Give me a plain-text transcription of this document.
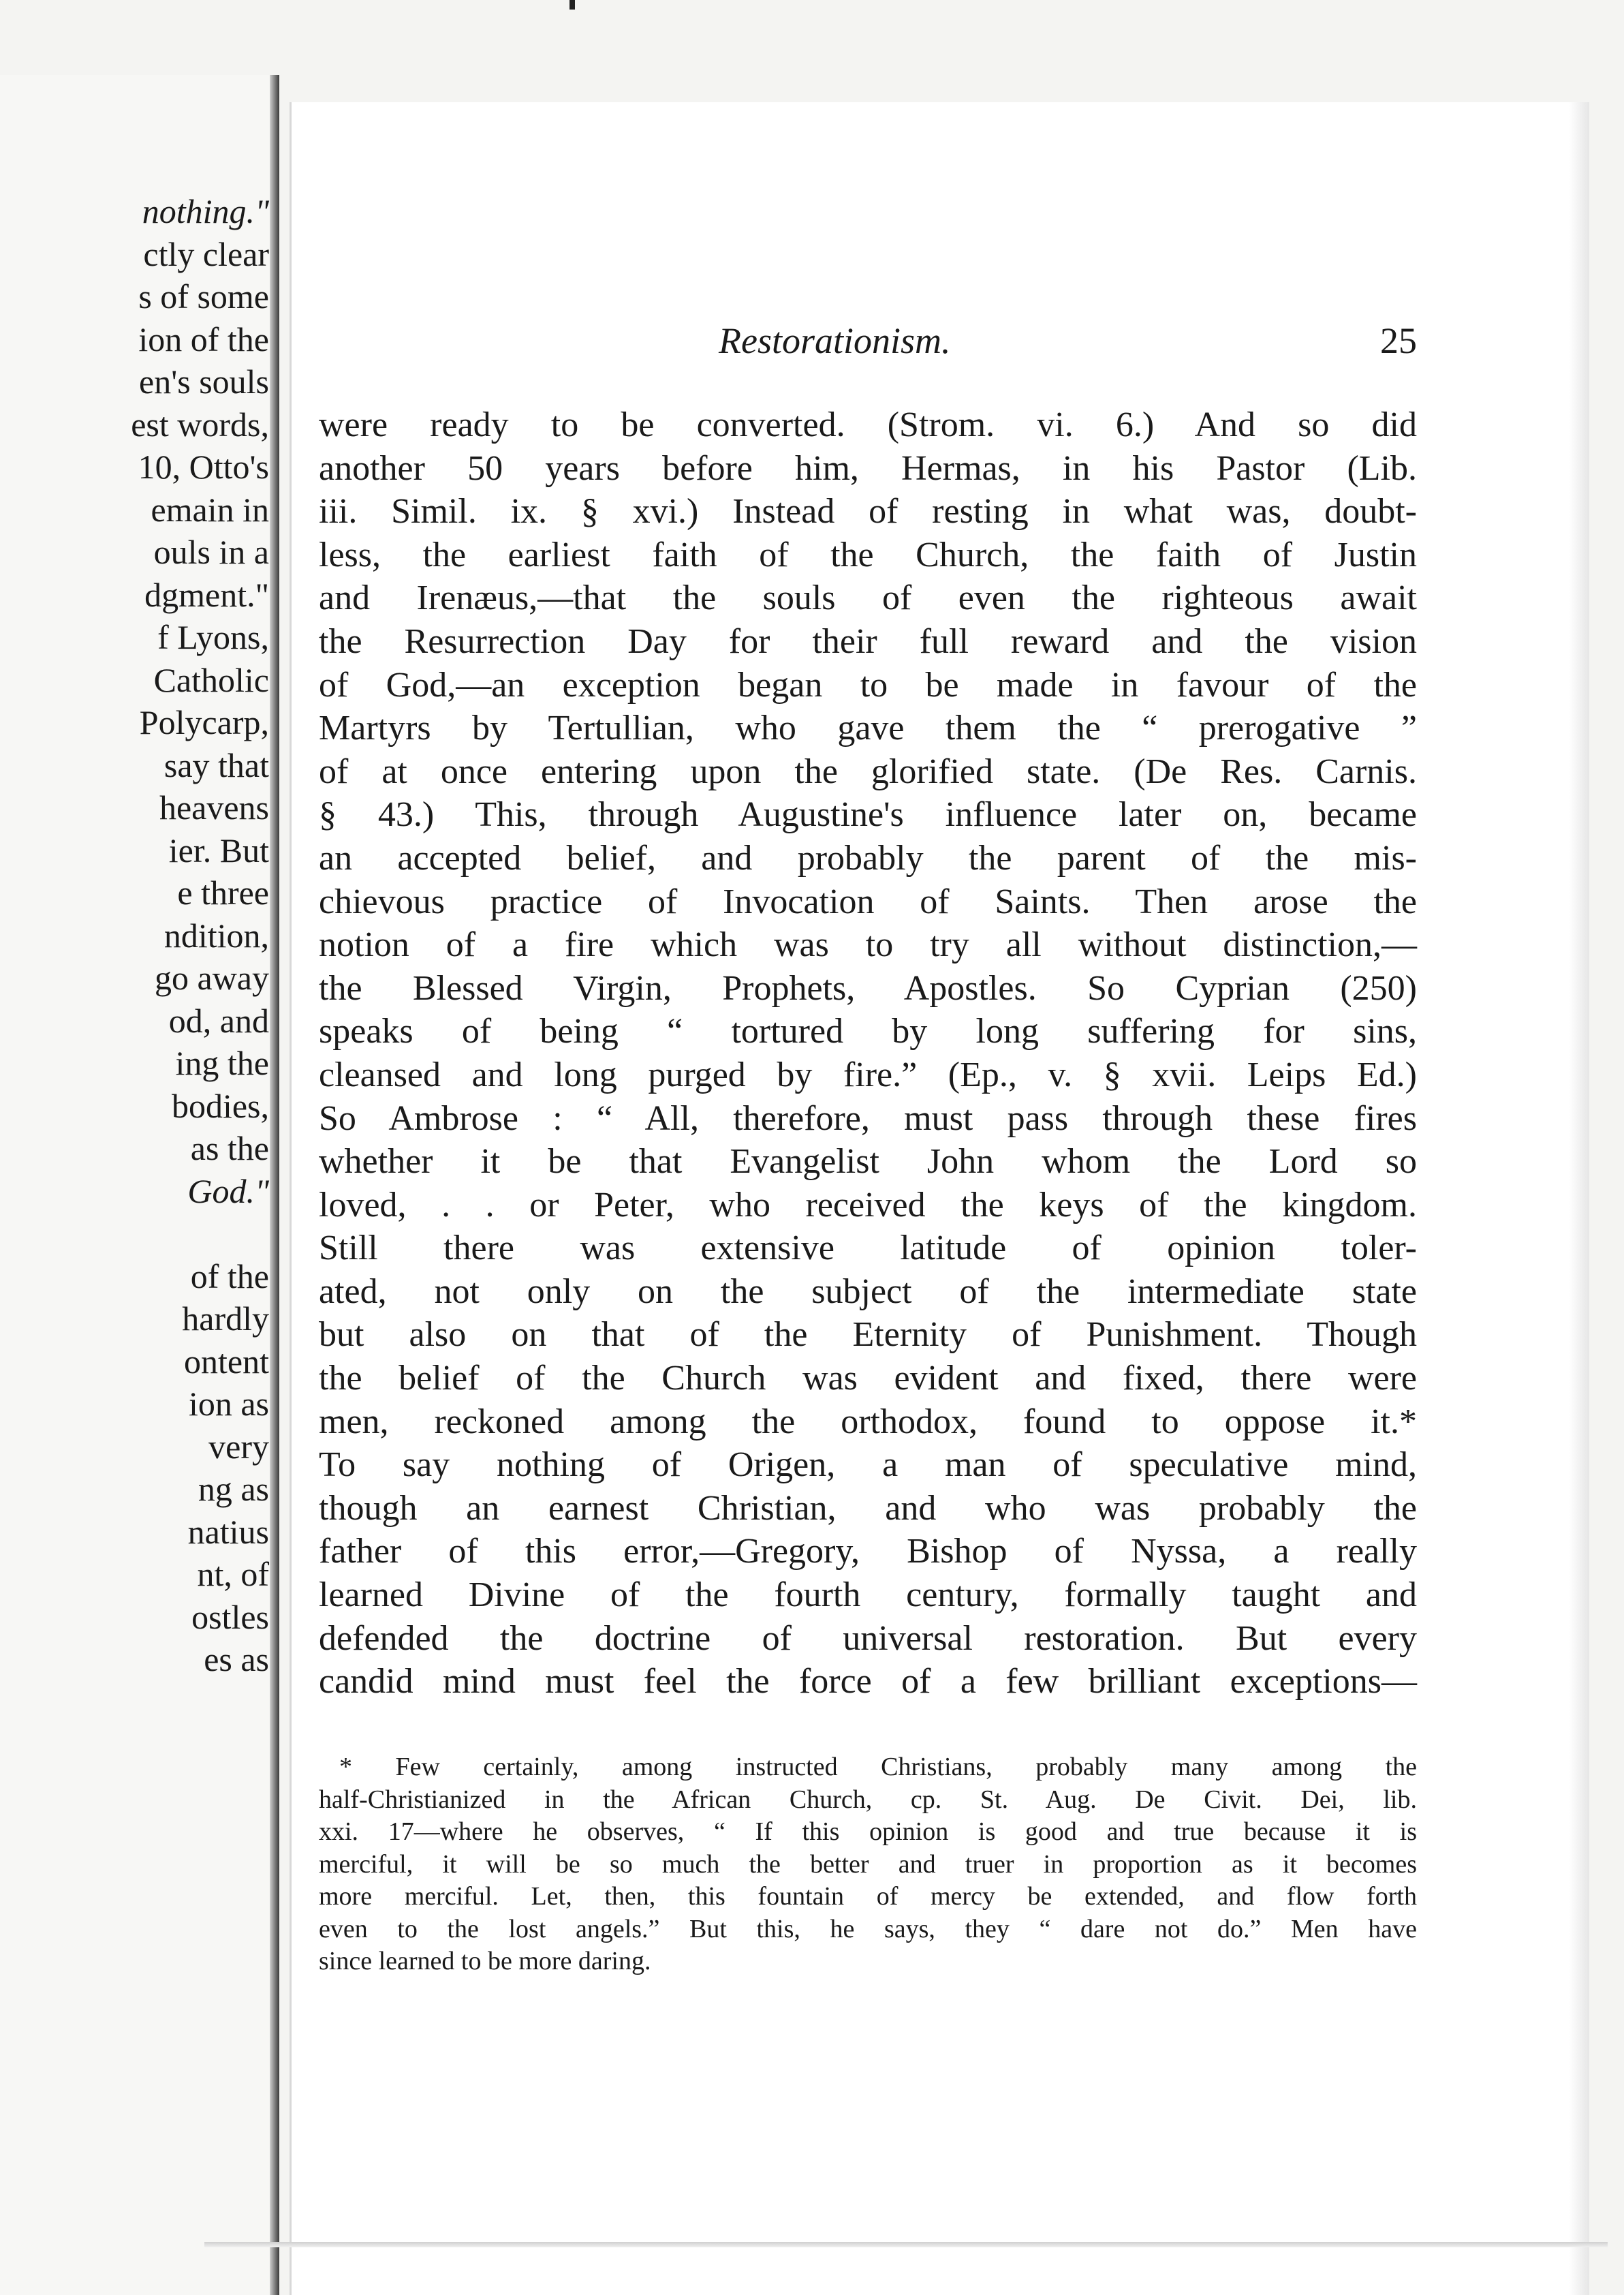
nothing."
ctly clear
s of some
ion of the
en's souls
est words,
10, Otto's
emain in
ouls in a
dgment."
f Lyons,
Catholic
Polycarp,
say that
heavens
ier. But
e three
ndition,
go away
od, and
ing the
bodies,
as the
God."
of the
hardly
ontent
ion as
very
ng as
natius
nt, of
ostles
es as
Restorationism.	25
were ready to be converted. (Strom. vi. 6.) And so did
another 50 years before him, Hermas, in his Pastor (Lib.
iii. Simil. ix. § xvi.) Instead of resting in what was, doubt-
less, the earliest faith of the Church, the faith of Justin
and Irenæus,—that the souls of even the righteous await
the Resurrection Day for their full reward and the vision
of God,—an exception began to be made in favour of the
Martyrs by Tertullian, who gave them the “ prerogative ”
of at once entering upon the glorified state. (De Res. Carnis.
§ 43.) This, through Augustine's influence later on, became
an accepted belief, and probably the parent of the mis-
chievous practice of Invocation of Saints. Then arose the
notion of a fire which was to try all without distinction,—
the Blessed Virgin, Prophets, Apostles. So Cyprian (250)
speaks of being “ tortured by long suffering for sins,
cleansed and long purged by fire.” (Ep., v. § xvii. Leips Ed.)
So Ambrose : “ All, therefore, must pass through these fires
whether it be that Evangelist John whom the Lord so
loved, . . or Peter, who received the keys of the kingdom.
Still there was extensive latitude of opinion toler-
ated, not only on the subject of the intermediate state
but also on that of the Eternity of Punishment. Though
the belief of the Church was evident and fixed, there were
men, reckoned among the orthodox, found to oppose it.*
To say nothing of Origen, a man of speculative mind,
though an earnest Christian, and who was probably the
father of this error,—Gregory, Bishop of Nyssa, a really
learned Divine of the fourth century, formally taught and
defended the doctrine of universal restoration. But every
candid mind must feel the force of a few brilliant exceptions—
* Few certainly, among instructed Christians, probably many among the
half-Christianized in the African Church, cp. St. Aug. De Civit. Dei, lib.
xxi. 17—where he observes, “ If this opinion is good and true because it is
merciful, it will be so much the better and truer in proportion as it becomes
more merciful. Let, then, this fountain of mercy be extended, and flow forth
even to the lost angels.” But this, he says, they “ dare not do.” Men have
since learned to be more daring.
